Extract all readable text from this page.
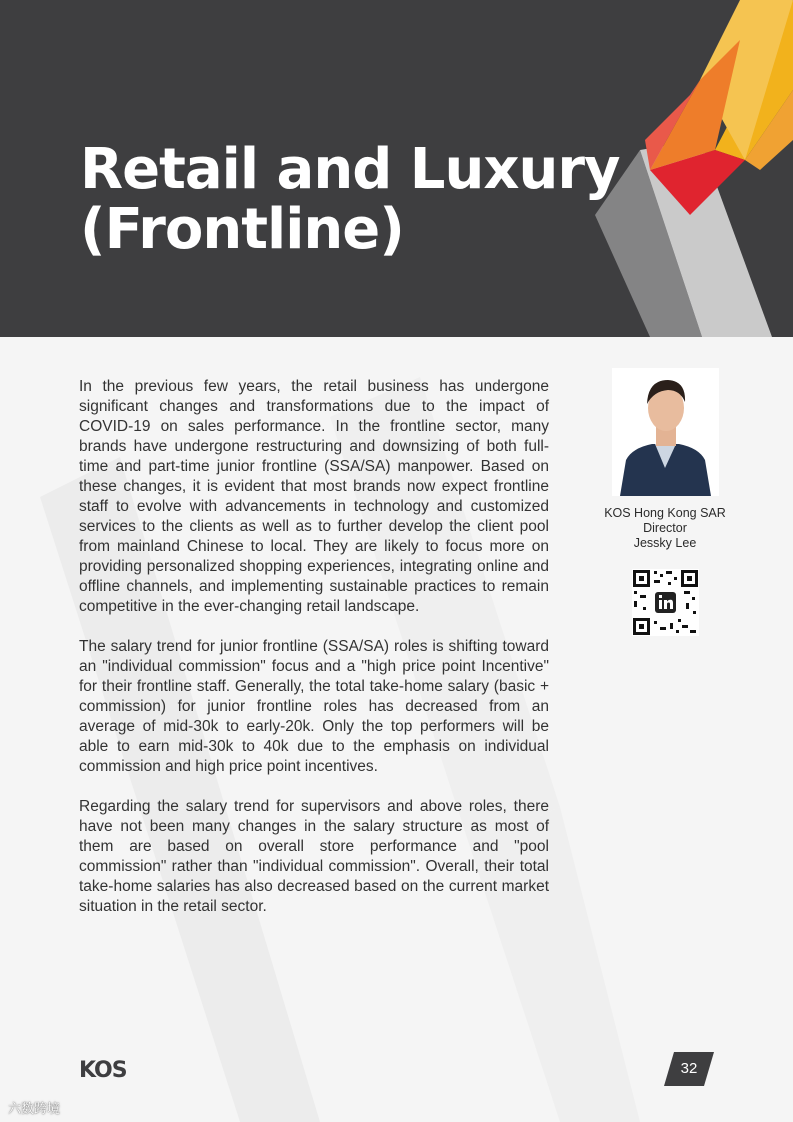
Retail and Luxury
(Frontline)

In the previous few years, the retail business has undergone significant changes and transformations due to the impact of COVID-19 on sales performance. In the frontline sector, many brands have undergone restructuring and downsizing of both full-time and part-time junior frontline (SSA/SA) manpower. Based on these changes, it is evident that most brands now expect frontline staff to evolve with advancements in technology and customized services to the clients as well as to further develop the client pool from mainland Chinese to local. They are likely to focus more on providing personalized shopping experiences, integrating online and offline channels, and implementing sustainable practices to remain competitive in the ever-changing retail landscape.

The salary trend for junior frontline (SSA/SA) roles is shifting toward an "individual commission" focus and a "high price point Incentive" for their frontline staff. Generally, the total take-home salary (basic + commission) for junior frontline roles has decreased from an average of mid-30k to early-20k. Only the top performers will be able to earn mid-30k to 40k due to the emphasis on individual commission and high price point incentives.

Regarding the salary trend for supervisors and above roles, there have not been many changes in the salary structure as most of them are based on overall store performance and "pool commission" rather than "individual commission". Overall, their total take-home salaries has also decreased based on the current market situation in the retail sector.

KOS Hong Kong SAR
Director
Jessky Lee
KOS	32
六数跨境
